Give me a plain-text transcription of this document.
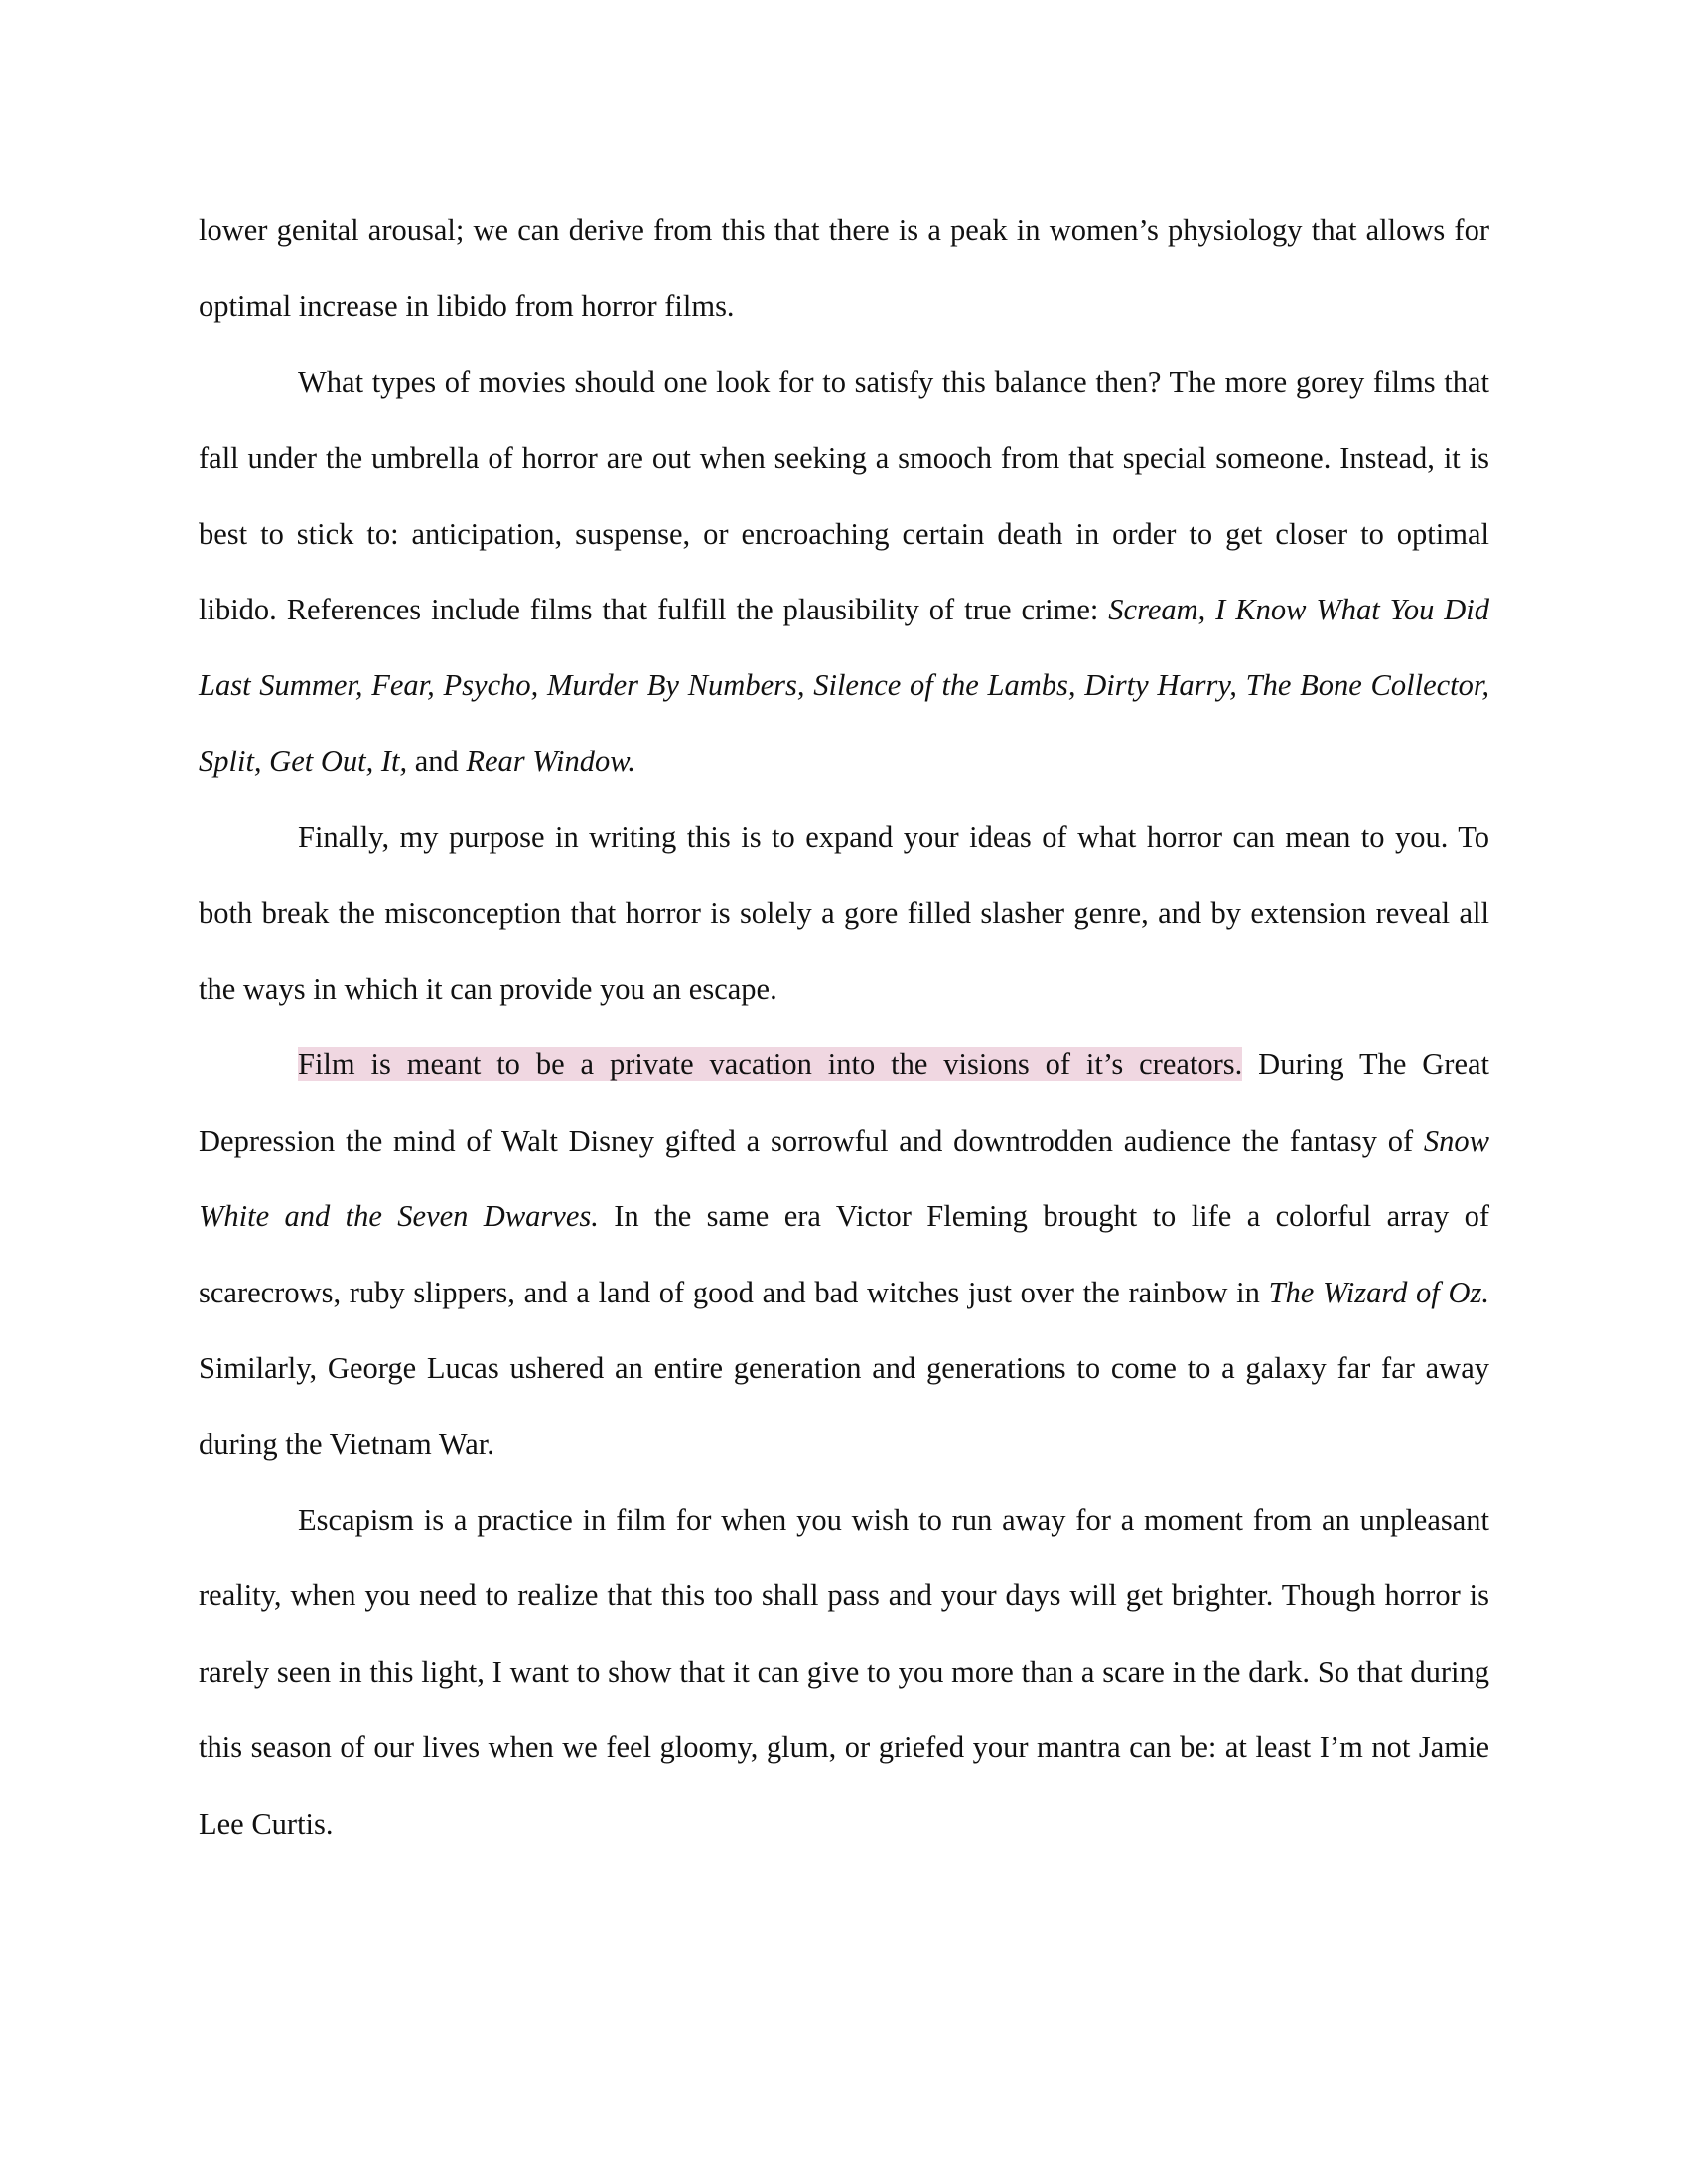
lower genital arousal; we can derive from this that there is a peak in women’s physiology that allows for optimal increase in libido from horror films.

What types of movies should one look for to satisfy this balance then? The more gorey films that fall under the umbrella of horror are out when seeking a smooch from that special someone. Instead, it is best to stick to: anticipation, suspense, or encroaching certain death in order to get closer to optimal libido. References include films that fulfill the plausibility of true crime: Scream, I Know What You Did Last Summer, Fear, Psycho, Murder By Numbers, Silence of the Lambs, Dirty Harry, The Bone Collector, Split, Get Out, It, and Rear Window.

Finally, my purpose in writing this is to expand your ideas of what horror can mean to you. To both break the misconception that horror is solely a gore filled slasher genre, and by extension reveal all the ways in which it can provide you an escape.

Film is meant to be a private vacation into the visions of it’s creators. During The Great Depression the mind of Walt Disney gifted a sorrowful and downtrodden audience the fantasy of Snow White and the Seven Dwarves. In the same era Victor Fleming brought to life a colorful array of scarecrows, ruby slippers, and a land of good and bad witches just over the rainbow in The Wizard of Oz. Similarly, George Lucas ushered an entire generation and generations to come to a galaxy far far away during the Vietnam War.

Escapism is a practice in film for when you wish to run away for a moment from an unpleasant reality, when you need to realize that this too shall pass and your days will get brighter. Though horror is rarely seen in this light, I want to show that it can give to you more than a scare in the dark. So that during this season of our lives when we feel gloomy, glum, or griefed your mantra can be: at least I’m not Jamie Lee Curtis.
